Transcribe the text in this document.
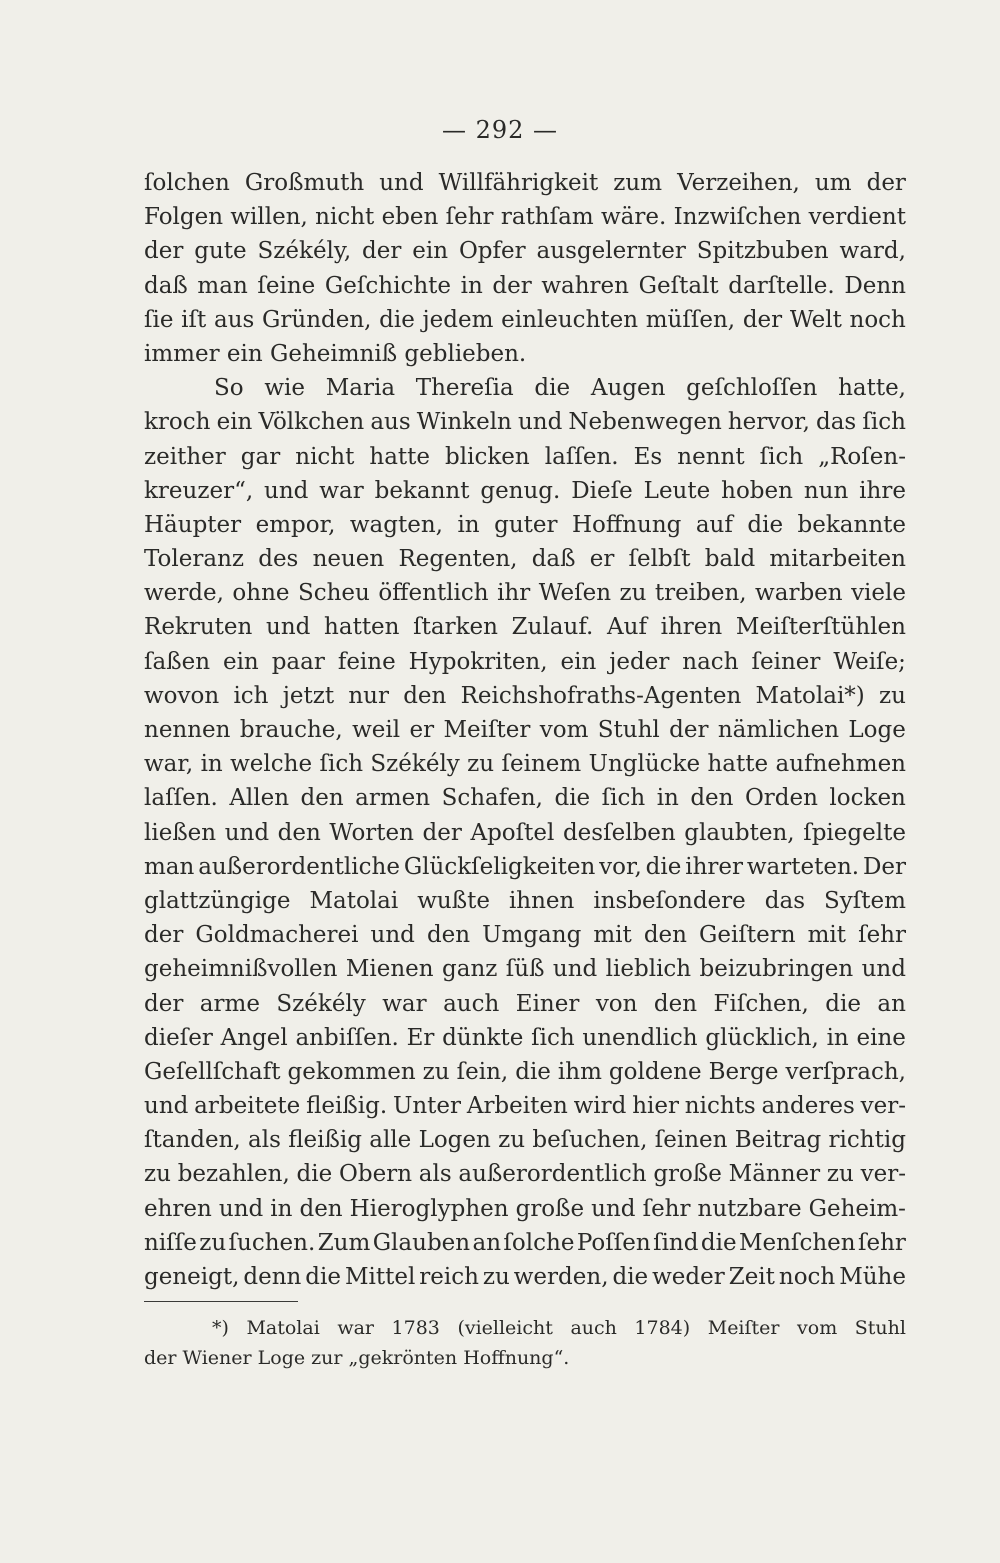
— 292 —
ſolchen Großmuth und Willfährigkeit zum Verzeihen, um der
Folgen willen, nicht eben ſehr rathſam wäre. Inzwiſchen verdient
der gute Székély, der ein Opfer ausgelernter Spitzbuben ward,
daß man ſeine Geſchichte in der wahren Geſtalt darſtelle. Denn
ſie iſt aus Gründen, die jedem einleuchten müſſen, der Welt noch
immer ein Geheimniß geblieben.
So wie Maria Thereſia die Augen geſchloſſen hatte,
kroch ein Völkchen aus Winkeln und Nebenwegen hervor, das ſich
zeither gar nicht hatte blicken laſſen. Es nennt ſich „Roſen-
kreuzer“, und war bekannt genug. Dieſe Leute hoben nun ihre
Häupter empor, wagten, in guter Hoffnung auf die bekannte
Toleranz des neuen Regenten, daß er ſelbſt bald mitarbeiten
werde, ohne Scheu öffentlich ihr Weſen zu treiben, warben viele
Rekruten und hatten ſtarken Zulauf. Auf ihren Meiſterſtühlen
ſaßen ein paar feine Hypokriten, ein jeder nach ſeiner Weiſe;
wovon ich jetzt nur den Reichshofraths-Agenten Matolai*) zu
nennen brauche, weil er Meiſter vom Stuhl der nämlichen Loge
war, in welche ſich Székély zu ſeinem Unglücke hatte aufnehmen
laſſen. Allen den armen Schafen, die ſich in den Orden locken
ließen und den Worten der Apoſtel desſelben glaubten, ſpiegelte
man außerordentliche Glückſeligkeiten vor, die ihrer warteten. Der
glattzüngige Matolai wußte ihnen insbeſondere das Syſtem
der Goldmacherei und den Umgang mit den Geiſtern mit ſehr
geheimnißvollen Mienen ganz ſüß und lieblich beizubringen und
der arme Székély war auch Einer von den Fiſchen, die an
dieſer Angel anbiſſen. Er dünkte ſich unendlich glücklich, in eine
Geſellſchaft gekommen zu ſein, die ihm goldene Berge verſprach,
und arbeitete fleißig. Unter Arbeiten wird hier nichts anderes ver-
ſtanden, als fleißig alle Logen zu beſuchen, ſeinen Beitrag richtig
zu bezahlen, die Obern als außerordentlich große Männer zu ver-
ehren und in den Hieroglyphen große und ſehr nutzbare Geheim-
niſſe zu ſuchen. Zum Glauben an ſolche Poſſen ſind die Menſchen ſehr
geneigt, denn die Mittel reich zu werden, die weder Zeit noch Mühe
*) Matolai war 1783 (vielleicht auch 1784) Meiſter vom Stuhl
der Wiener Loge zur „gekrönten Hoffnung“.
